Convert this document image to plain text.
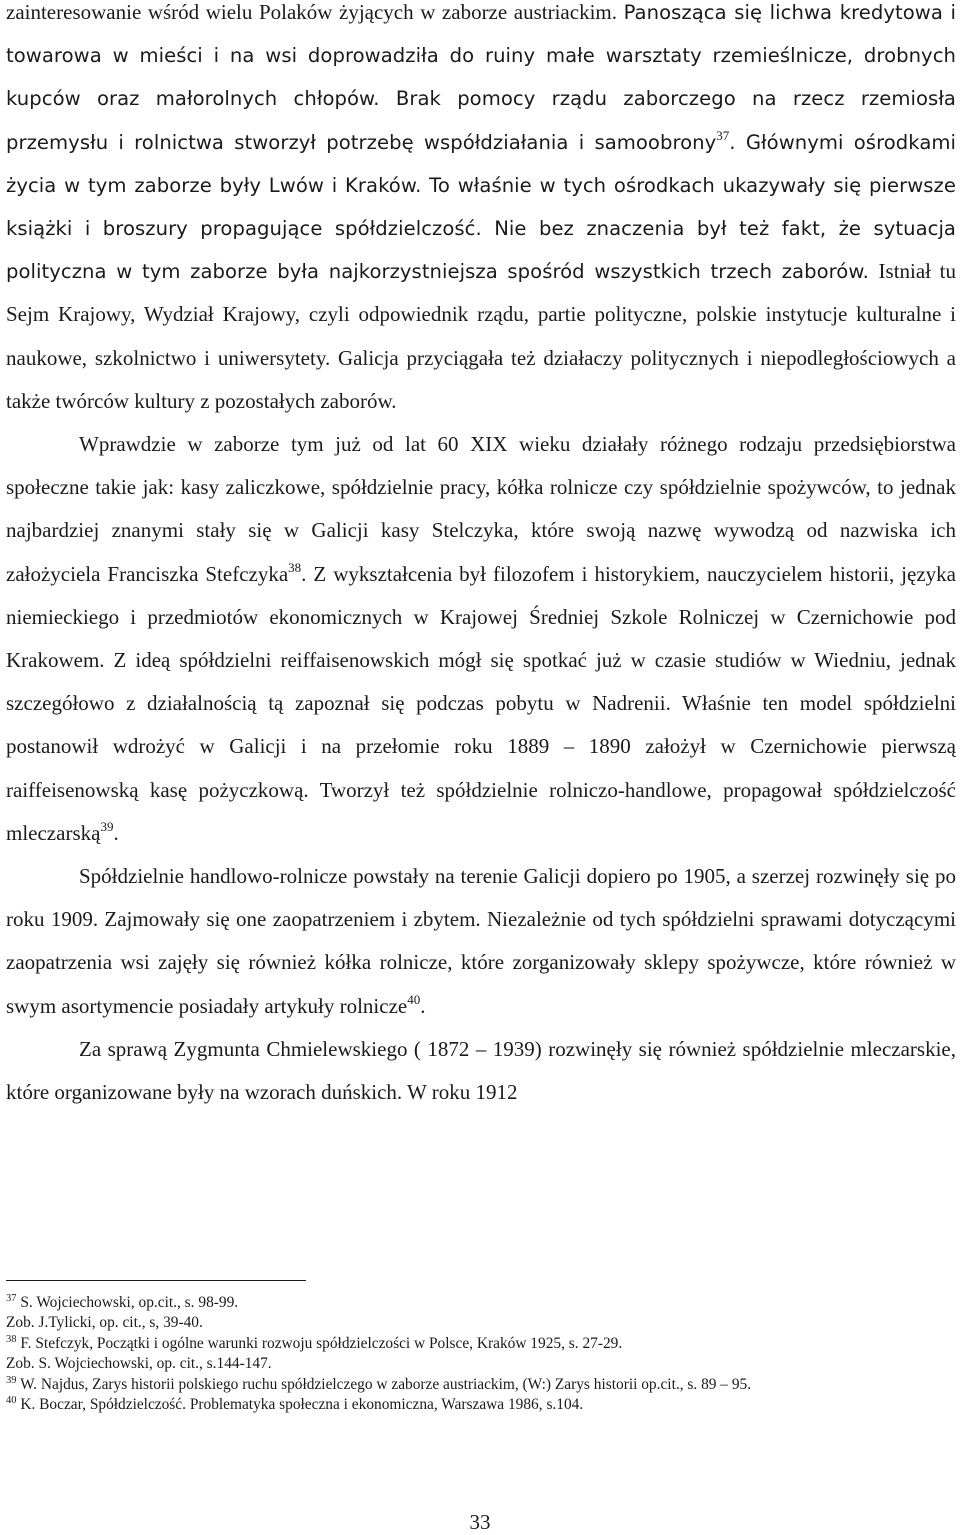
zainteresowanie wśród wielu Polaków żyjących w zaborze austriackim. Panosząca się lichwa kredytowa i towarowa w mieści i na wsi doprowadziła do ruiny małe warsztaty rzemieślnicze, drobnych kupców oraz małorolnych chłopów. Brak pomocy rządu zaborczego na rzecz rzemiosła przemysłu i rolnictwa stworzył potrzebę współdziałania i samoobrony$^{37}$. Głównymi ośrodkami życia w tym zaborze były Lwów i Kraków. To właśnie w tych ośrodkach ukazywały się pierwsze książki i broszury propagujące spółdzielczość. Nie bez znaczenia był też fakt, że sytuacja polityczna w tym zaborze była najkorzystniejsza spośród wszystkich trzech zaborów. Istniał tu Sejm Krajowy, Wydział Krajowy, czyli odpowiednik rządu, partie polityczne, polskie instytucje kulturalne i naukowe, szkolnictwo i uniwersytety. Galicja przyciągała też działaczy politycznych i niepodległościowych a także twórców kultury z pozostałych zaborów.

Wprawdzie w zaborze tym już od lat 60 XIX wieku działały różnego rodzaju przedsiębiorstwa społeczne takie jak: kasy zaliczkowe, spółdzielnie pracy, kółka rolnicze czy spółdzielnie spożywców, to jednak najbardziej znanymi stały się w Galicji kasy Stelczyka, które swoją nazwę wywodzą od nazwiska ich założyciela Franciszka Stefczyka$^{38}$. Z wykształcenia był filozofem i historykiem, nauczycielem historii, języka niemieckiego i przedmiotów ekonomicznych w Krajowej Średniej Szkole Rolniczej w Czernichowie pod Krakowem. Z ideą spółdzielni reiffaisenowskich mógł się spotkać już w czasie studiów w Wiedniu, jednak szczegółowo z działalnością tą zapoznał się podczas pobytu w Nadrenii. Właśnie ten model spółdzielni postanowił wdrożyć w Galicji i na przełomie roku 1889 – 1890 założył w Czernichowie pierwszą raiffeisenowską kasę pożyczkową. Tworzył też spółdzielnie rolniczo-handlowe, propagował spółdzielczość mleczarską$^{39}$.

Spółdzielnie handlowo-rolnicze powstały na terenie Galicji dopiero po 1905, a szerzej rozwinęły się po roku 1909. Zajmowały się one zaopatrzeniem i zbytem. Niezależnie od tych spółdzielni sprawami dotyczącymi zaopatrzenia wsi zajęły się również kółka rolnicze, które zorganizowały sklepy spożywcze, które również w swym asortymencie posiadały artykuły rolnicze$^{40}$.

Za sprawą Zygmunta Chmielewskiego ( 1872 – 1939) rozwinęły się również spółdzielnie mleczarskie, które organizowane były na wzorach duńskich. W roku 1912

$^{37}$ S. Wojciechowski, op.cit., s. 98-99.
Zob. J.Tylicki, op. cit., s, 39-40.
$^{38}$ F. Stefczyk, Początki i ogólne warunki rozwoju spółdzielczości w Polsce, Kraków 1925, s. 27-29.
Zob. S. Wojciechowski, op. cit., s.144-147.
$^{39}$ W. Najdus, Zarys historii polskiego ruchu spółdzielczego w zaborze austriackim, (W:) Zarys historii op.cit., s. 89 – 95.
$^{40}$ K. Boczar, Spółdzielczość. Problematyka społeczna i ekonomiczna, Warszawa 1986, s.104.
33
